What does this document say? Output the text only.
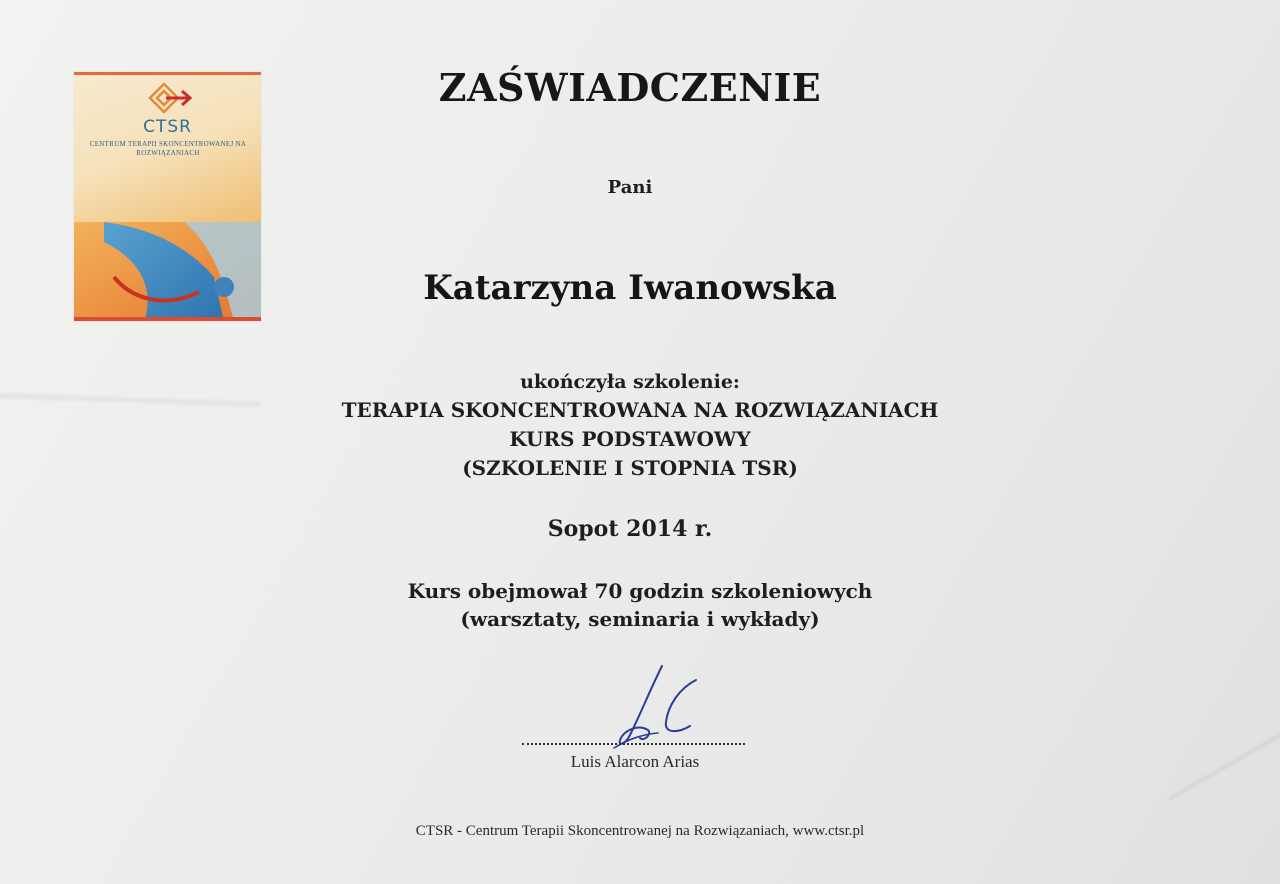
CTSR
CENTRUM TERAPII SKONCENTROWANEJ NA ROZWIĄZANIACH
ZAŚWIADCZENIE
Pani
Katarzyna Iwanowska
ukończyła szkolenie:
TERAPIA SKONCENTROWANA NA ROZWIĄZANIACH
KURS PODSTAWOWY
(SZKOLENIE I STOPNIA TSR)
Sopot 2014 r.
Kurs obejmował 70 godzin szkoleniowych
(warsztaty, seminaria i wykłady)
Luis Alarcon Arias
CTSR - Centrum Terapii Skoncentrowanej na Rozwiązaniach, www.ctsr.pl
